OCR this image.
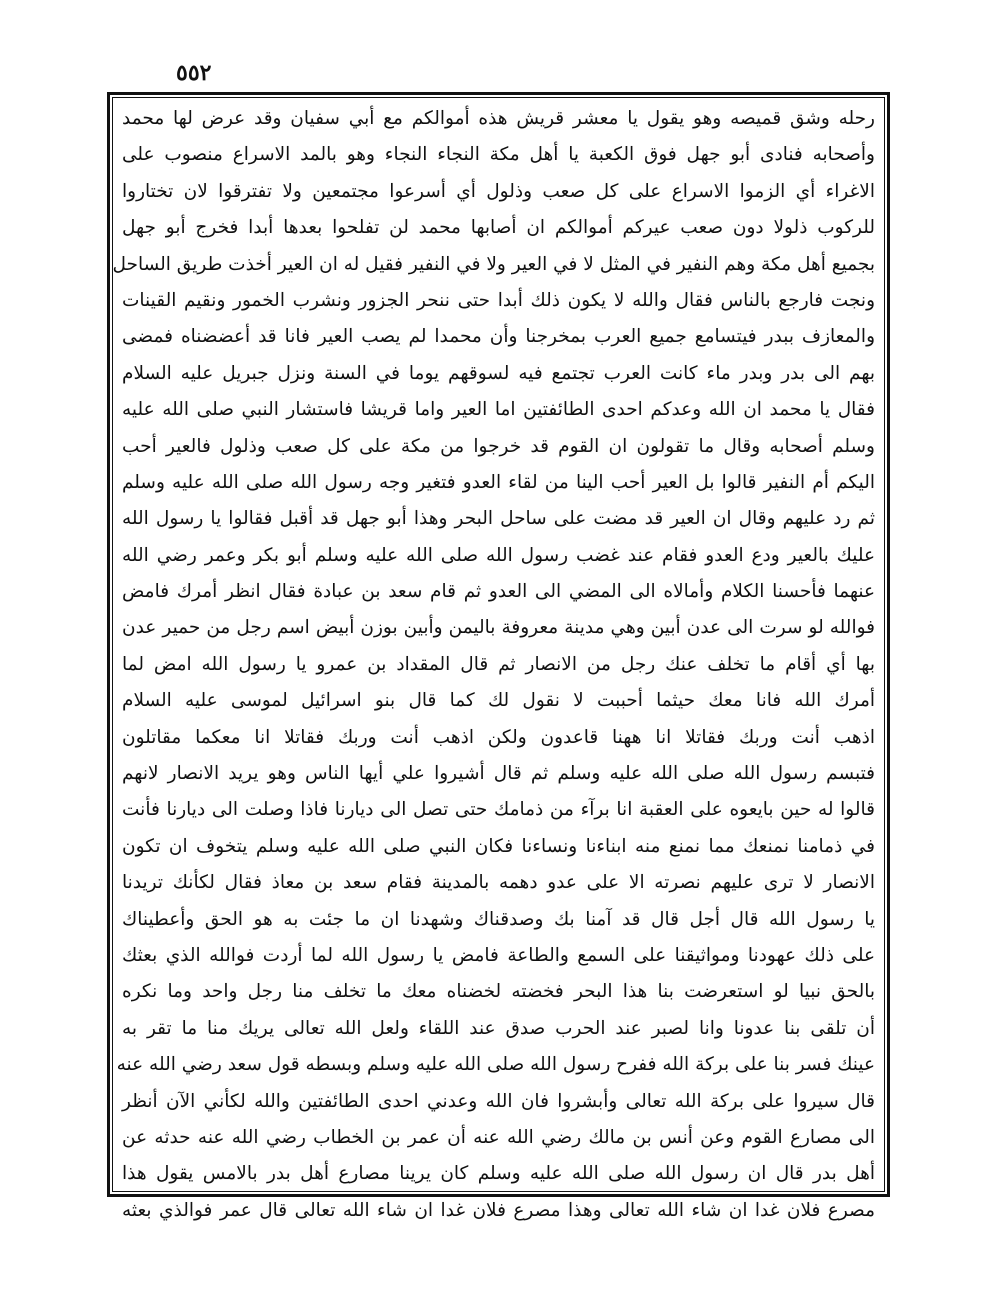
٥٥٢
رحله وشق قميصه وهو يقول يا معشر قريش هذه أموالكم مع أبي سفيان وقد عرض لها محمد
وأصحابه فنادى أبو جهل فوق الكعبة يا أهل مكة النجاء النجاء وهو بالمد الاسراع منصوب على
الاغراء أي الزموا الاسراع على كل صعب وذلول أي أسرعوا مجتمعين ولا تفترقوا لان تختاروا
للركوب ذلولا دون صعب عيركم أموالكم ان أصابها محمد لن تفلحوا بعدها أبدا فخرج أبو جهل
بجميع أهل مكة وهم النفير في المثل لا في العير ولا في النفير فقيل له ان العير أخذت طريق الساحل
ونجت فارجع بالناس فقال والله لا يكون ذلك أبدا حتى ننحر الجزور ونشرب الخمور ونقيم القينات
والمعازف ببدر فيتسامع جميع العرب بمخرجنا وأن محمدا لم يصب العير فانا قد أعضضناه فمضى
بهم الى بدر وبدر ماء كانت العرب تجتمع فيه لسوقهم يوما في السنة ونزل جبريل عليه السلام
فقال يا محمد ان الله وعدكم احدى الطائفتين اما العير واما قريشا فاستشار النبي صلى الله عليه
وسلم أصحابه وقال ما تقولون ان القوم قد خرجوا من مكة على كل صعب وذلول فالعير أحب
اليكم أم النفير قالوا بل العير أحب الينا من لقاء العدو فتغير وجه رسول الله صلى الله عليه وسلم
ثم رد عليهم وقال ان العير قد مضت على ساحل البحر وهذا أبو جهل قد أقبل فقالوا يا رسول الله
عليك بالعير ودع العدو فقام عند غضب رسول الله صلى الله عليه وسلم أبو بكر وعمر رضي الله
عنهما فأحسنا الكلام وأمالاه الى المضي الى العدو ثم قام سعد بن عبادة فقال انظر أمرك فامض
فوالله لو سرت الى عدن أبين وهي مدينة معروفة باليمن وأبين بوزن أبيض اسم رجل من حمير عدن
بها أي أقام ما تخلف عنك رجل من الانصار ثم قال المقداد بن عمرو يا رسول الله امض لما
أمرك الله فانا معك حيثما أحببت لا نقول لك كما قال بنو اسرائيل لموسى عليه السلام
اذهب أنت وربك فقاتلا انا ههنا قاعدون ولكن اذهب أنت وربك فقاتلا انا معكما مقاتلون
فتبسم رسول الله صلى الله عليه وسلم ثم قال أشيروا علي أيها الناس وهو يريد الانصار لانهم
قالوا له حين بايعوه على العقبة انا برآء من ذمامك حتى تصل الى ديارنا فاذا وصلت الى ديارنا فأنت
في ذمامنا نمنعك مما نمنع منه ابناءنا ونساءنا فكان النبي صلى الله عليه وسلم يتخوف ان تكون
الانصار لا ترى عليهم نصرته الا على عدو دهمه بالمدينة فقام سعد بن معاذ فقال لكأنك تريدنا
يا رسول الله قال أجل قال قد آمنا بك وصدقناك وشهدنا ان ما جئت به هو الحق وأعطيناك
على ذلك عهودنا ومواثيقنا على السمع والطاعة فامض يا رسول الله لما أردت فوالله الذي بعثك
بالحق نبيا لو استعرضت بنا هذا البحر فخضته لخضناه معك ما تخلف منا رجل واحد وما نكره
أن تلقى بنا عدونا وانا لصبر عند الحرب صدق عند اللقاء ولعل الله تعالى يريك منا ما تقر به
عينك فسر بنا على بركة الله ففرح رسول الله صلى الله عليه وسلم وبسطه قول سعد رضي الله عنه
قال سيروا على بركة الله تعالى وأبشروا فان الله وعدني احدى الطائفتين والله لكأني الآن أنظر
الى مصارع القوم وعن أنس بن مالك رضي الله عنه أن عمر بن الخطاب رضي الله عنه حدثه عن
أهل بدر قال ان رسول الله صلى الله عليه وسلم كان يرينا مصارع أهل بدر بالامس يقول هذا
مصرع فلان غدا ان شاء الله تعالى وهذا مصرع فلان غدا ان شاء الله تعالى قال عمر فوالذي بعثه
